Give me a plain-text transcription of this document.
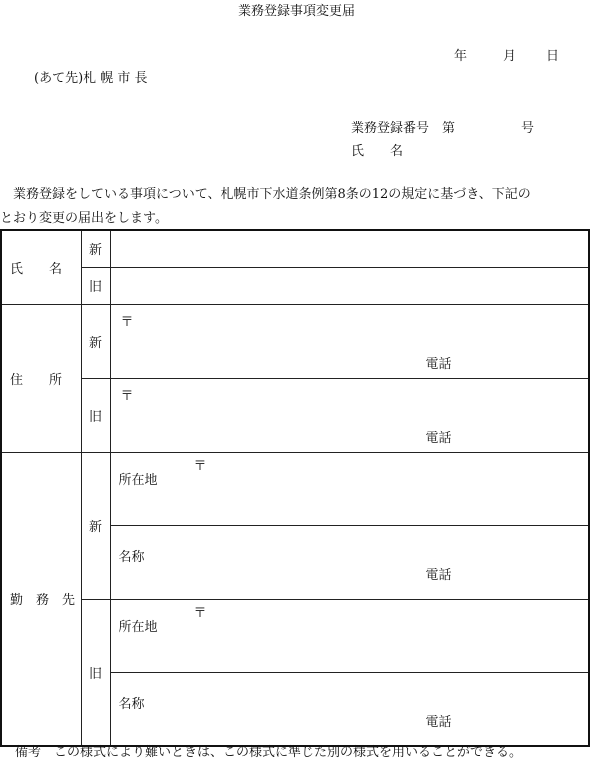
業務登録事項変更届
年	月 日
(あて先)札 幌 市 長
業務登録番号　第	号
氏　　名
　業務登録をしている事項について、札幌市下水道条例第8条の12の規定に基づき、下記の
とおり変更の届出をします。
氏　　名	新	
	旧	
住　　所	新	〒
電話

	旧	〒
電話

勤　務　先	新	〒
所在地

		名称
電話

	旧	〒
所在地

		名称
電話
備考　この様式により難いときは、この様式に準じた別の様式を用いることができる。
